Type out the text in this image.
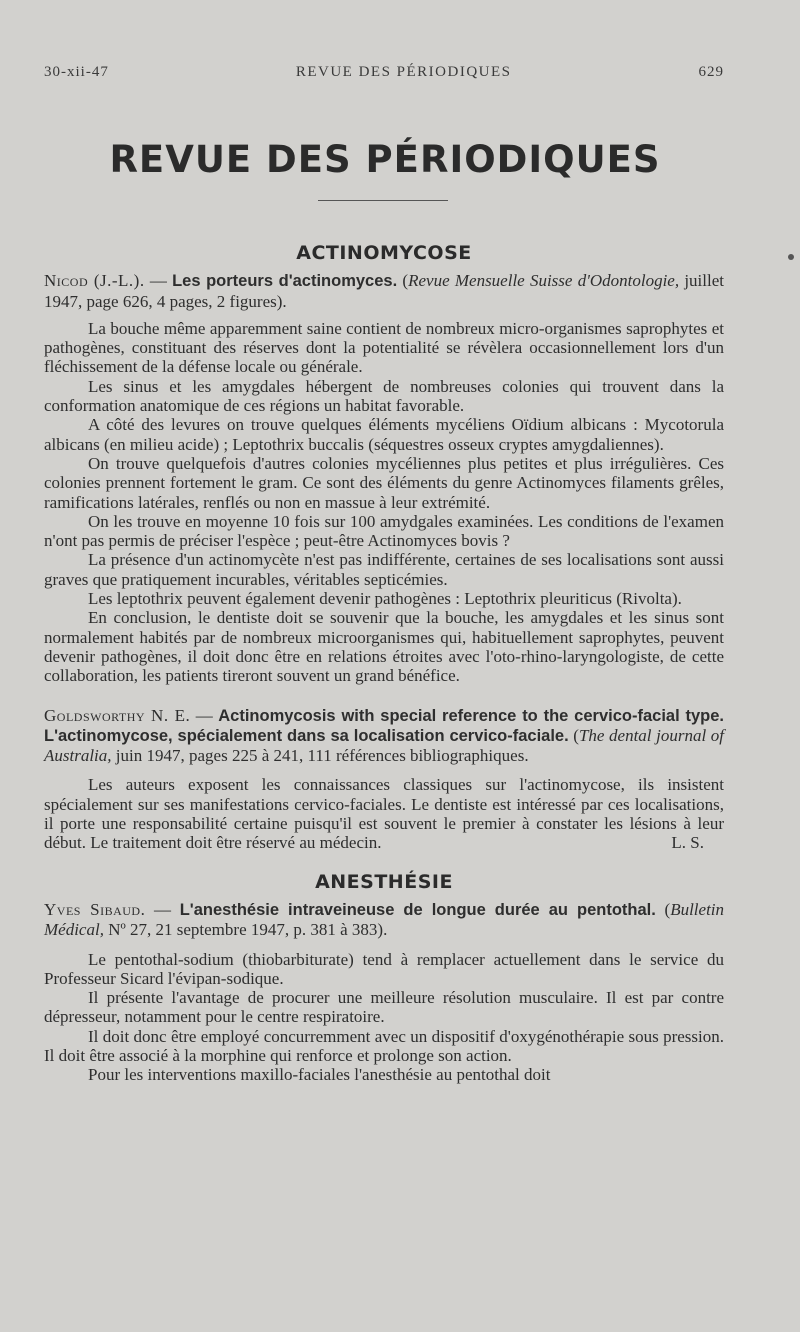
30-xii-47	REVUE DES PÉRIODIQUES	629
REVUE DES PÉRIODIQUES
ACTINOMYCOSE

Nicod (J.-L.). — Les porteurs d'actinomyces. (Revue Mensuelle Suisse d'Odontologie, juillet 1947, page 626, 4 pages, 2 figures).

La bouche même apparemment saine contient de nombreux micro-organismes saprophytes et pathogènes, constituant des réserves dont la potentialité se révèlera occasionnellement lors d'un fléchissement de la défense locale ou générale.

Les sinus et les amygdales hébergent de nombreuses colonies qui trouvent dans la conformation anatomique de ces régions un habitat favorable.

A côté des levures on trouve quelques éléments mycéliens Oïdium albicans : Mycotorula albicans (en milieu acide) ; Leptothrix buccalis (séquestres osseux cryptes amygdaliennes).

On trouve quelquefois d'autres colonies mycéliennes plus petites et plus irrégulières. Ces colonies prennent fortement le gram. Ce sont des éléments du genre Actinomyces filaments grêles, ramifications latérales, renflés ou non en massue à leur extrémité.

On les trouve en moyenne 10 fois sur 100 amydgales examinées. Les conditions de l'examen n'ont pas permis de préciser l'espèce ; peut-être Actinomyces bovis ?

La présence d'un actinomycète n'est pas indifférente, certaines de ses localisations sont aussi graves que pratiquement incurables, véritables septicémies.

Les leptothrix peuvent également devenir pathogènes : Leptothrix pleuriticus (Rivolta).

En conclusion, le dentiste doit se souvenir que la bouche, les amygdales et les sinus sont normalement habités par de nombreux microorganismes qui, habituellement saprophytes, peuvent devenir pathogènes, il doit donc être en relations étroites avec l'oto-rhino-laryngologiste, de cette collaboration, les patients tireront souvent un grand bénéfice.

Goldsworthy N. E. — Actinomycosis with special reference to the cervico-facial type. L'actinomycose, spécialement dans sa localisation cervico-faciale. (The dental journal of Australia, juin 1947, pages 225 à 241, 111 références bibliographiques.

Les auteurs exposent les connaissances classiques sur l'actinomycose, ils insistent spécialement sur ses manifestations cervico-faciales. Le dentiste est intéressé par ces localisations, il porte une responsabilité certaine puisqu'il est souvent le premier à constater les lésions à leur début. Le traitement doit être réservé au médecin.	L. S.

ANESTHÉSIE

Yves Sibaud. — L'anesthésie intraveineuse de longue durée au pentothal. (Bulletin Médical, Nº 27, 21 septembre 1947, p. 381 à 383).

Le pentothal-sodium (thiobarbiturate) tend à remplacer actuellement dans le service du Professeur Sicard l'évipan-sodique.

Il présente l'avantage de procurer une meilleure résolution musculaire. Il est par contre dépresseur, notamment pour le centre respiratoire.

Il doit donc être employé concurremment avec un dispositif d'oxygénothérapie sous pression. Il doit être associé à la morphine qui renforce et prolonge son action.

Pour les interventions maxillo-faciales l'anesthésie au pentothal doit
